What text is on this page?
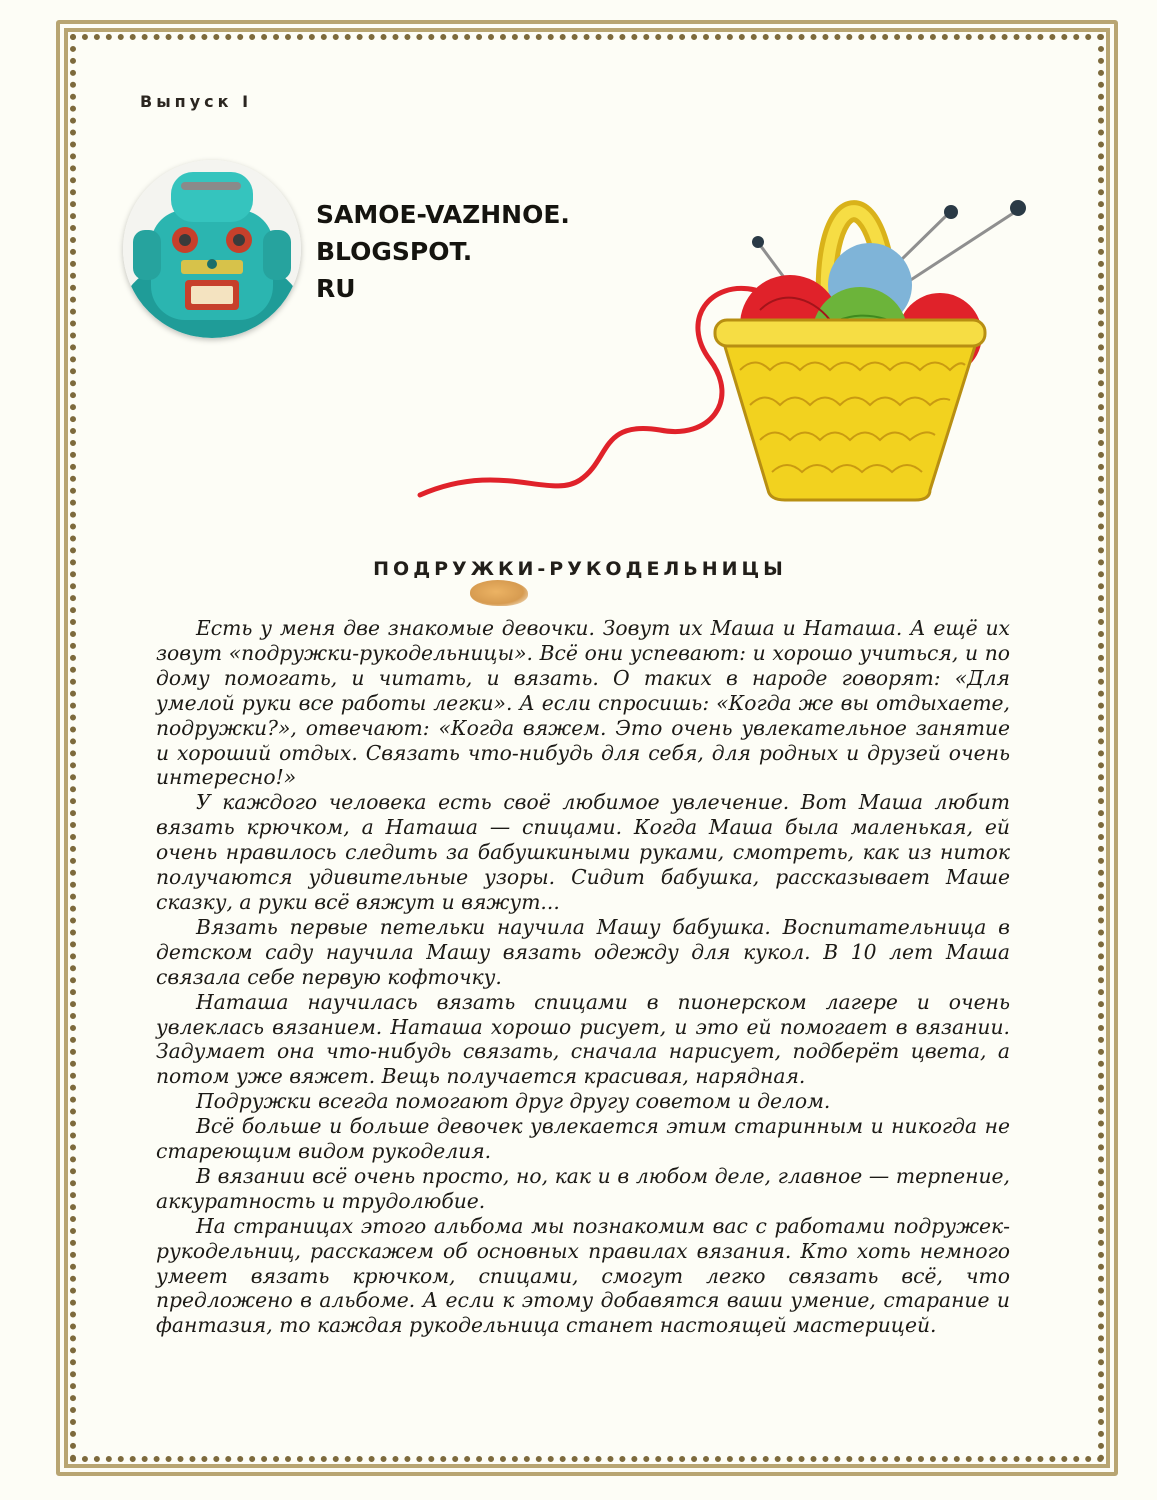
Выпуск I
SAMOE-VAZHNOE.
BLOGSPOT.
RU
ПОДРУЖКИ-РУКОДЕЛЬНИЦЫ

Есть у меня две знакомые девочки. Зовут их Маша и Наташа. А ещё их зовут «подружки-рукодельницы». Всё они успевают: и хорошо учиться, и по дому помогать, и читать, и вязать. О таких в народе говорят: «Для умелой руки все работы легки». А если спросишь: «Когда же вы отдыхаете, подружки?», отвечают: «Когда вяжем. Это очень увлекательное занятие и хороший отдых. Связать что-нибудь для себя, для родных и друзей очень интересно!»

У каждого человека есть своё любимое увлечение. Вот Маша любит вязать крючком, а Наташа — спицами. Когда Маша была маленькая, ей очень нравилось следить за бабушкиными руками, смотреть, как из ниток получаются удивительные узоры. Сидит бабушка, рассказывает Маше сказку, а руки всё вяжут и вяжут...

Вязать первые петельки научила Машу бабушка. Воспитательница в детском саду научила Машу вязать одежду для кукол. В 10 лет Маша связала себе первую кофточку.

Наташа научилась вязать спицами в пионерском лагере и очень увлеклась вязанием. Наташа хорошо рисует, и это ей помогает в вязании. Задумает она что-нибудь связать, сначала нарисует, подберёт цвета, а потом уже вяжет. Вещь получается красивая, нарядная.

Подружки всегда помогают друг другу советом и делом.

Всё больше и больше девочек увлекается этим старинным и никогда не стареющим видом рукоделия.

В вязании всё очень просто, но, как и в любом деле, главное — терпение, аккуратность и трудолюбие.

На страницах этого альбома мы познакомим вас с работами подружек-рукодельниц, расскажем об основных правилах вязания. Кто хоть немного умеет вязать крючком, спицами, смогут легко связать всё, что предложено в альбоме. А если к этому добавятся ваши умение, старание и фантазия, то каждая рукодельница станет настоящей мастерицей.
